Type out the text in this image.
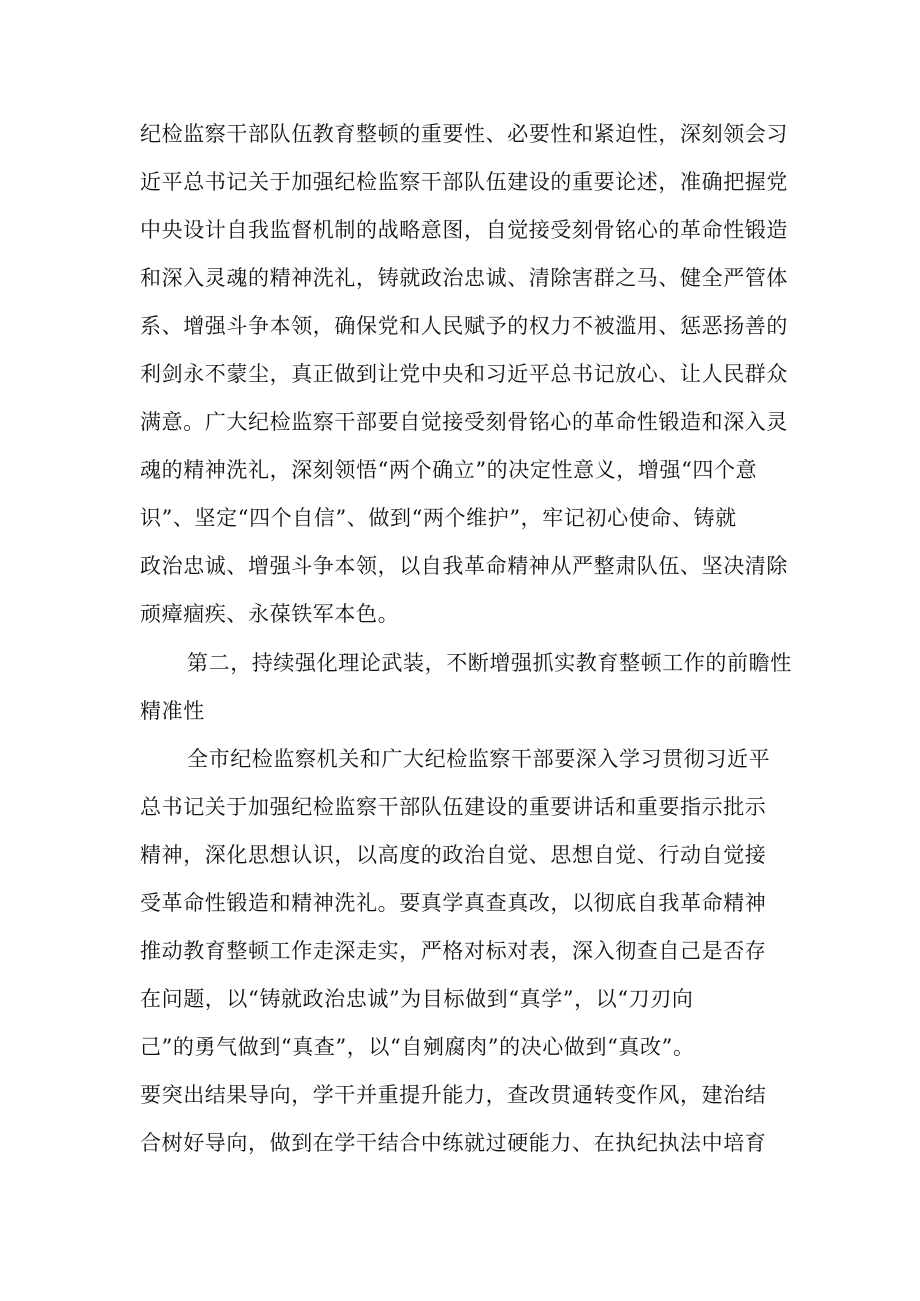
纪检监察干部队伍教育整顿的重要性、必要性和紧迫性，深刻领会习
近平总书记关于加强纪检监察干部队伍建设的重要论述，准确把握党
中央设计自我监督机制的战略意图，自觉接受刻骨铭心的革命性锻造
和深入灵魂的精神洗礼，铸就政治忠诚、清除害群之马、健全严管体
系、增强斗争本领，确保党和人民赋予的权力不被滥用、惩恶扬善的
利剑永不蒙尘，真正做到让党中央和习近平总书记放心、让人民群众
满意。广大纪检监察干部要自觉接受刻骨铭心的革命性锻造和深入灵
魂的精神洗礼，深刻领悟“两个确立”的决定性意义，增强“四个意
识”、坚定“四个自信”、做到“两个维护”，牢记初心使命、铸就
政治忠诚、增强斗争本领，以自我革命精神从严整肃队伍、坚决清除
顽瘴痼疾、永葆铁军本色。
第二，持续强化理论武装，不断增强抓实教育整顿工作的前瞻性
精准性
全市纪检监察机关和广大纪检监察干部要深入学习贯彻习近平
总书记关于加强纪检监察干部队伍建设的重要讲话和重要指示批示
精神，深化思想认识，以高度的政治自觉、思想自觉、行动自觉接
受革命性锻造和精神洗礼。要真学真查真改，以彻底自我革命精神
推动教育整顿工作走深走实，严格对标对表，深入彻查自己是否存
在问题，以“铸就政治忠诚”为目标做到“真学”，以“刀刃向
己”的勇气做到“真查”，以“自剜腐肉”的决心做到“真改”。
要突出结果导向，学干并重提升能力，查改贯通转变作风，建治结
合树好导向，做到在学干结合中练就过硬能力、在执纪执法中培育
